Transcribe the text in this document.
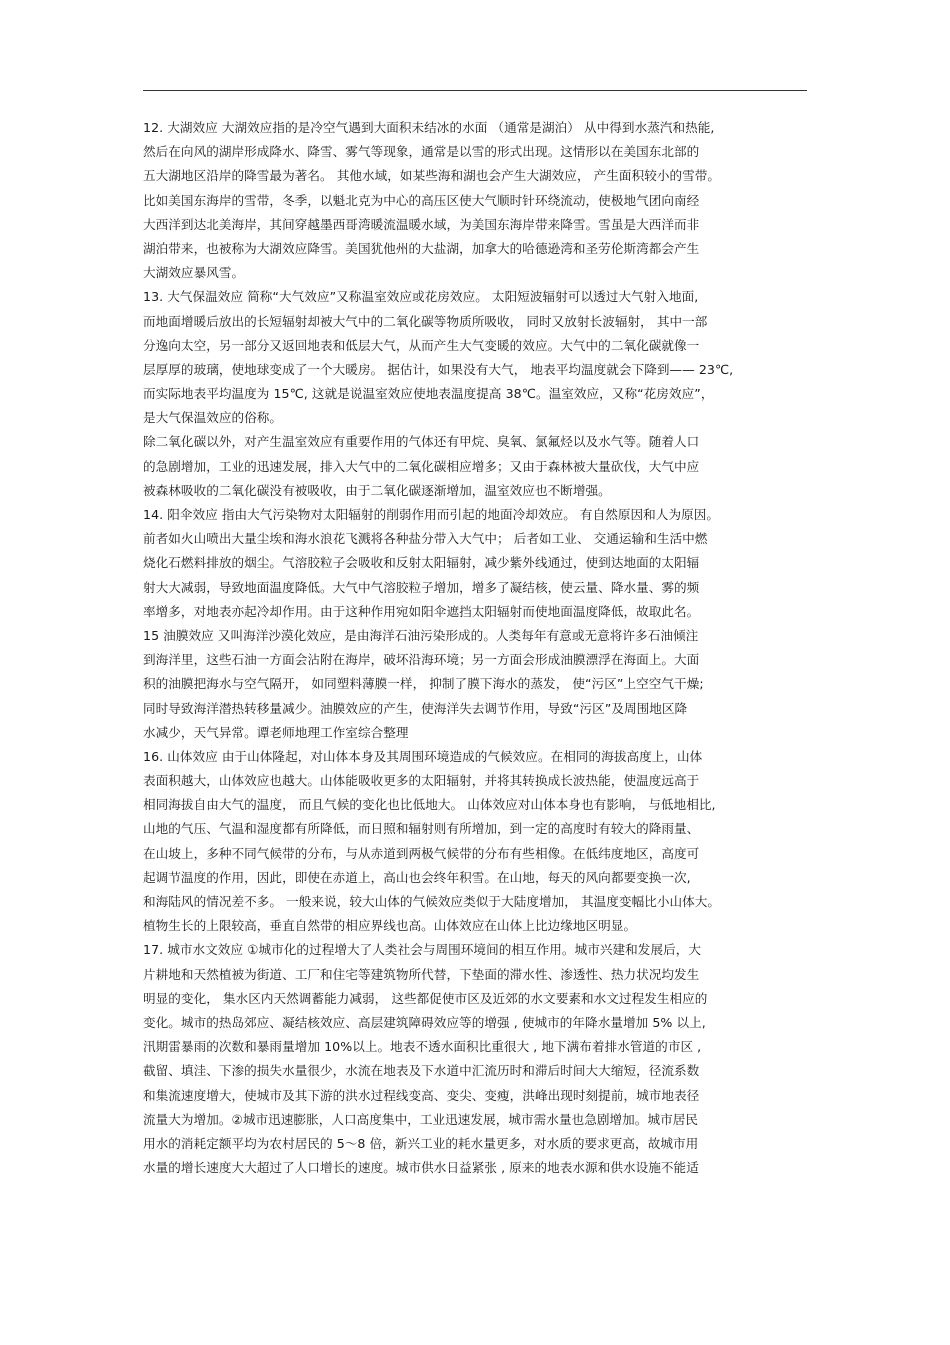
12. 大湖效应 大湖效应指的是冷空气遇到大面积未结冰的水面 （通常是湖泊） 从中得到水蒸汽和热能,
然后在向风的湖岸形成降水、降雪、雾气等现象，通常是以雪的形式出现。这情形以在美国东北部的
五大湖地区沿岸的降雪最为著名。 其他水域，如某些海和湖也会产生大湖效应， 产生面积较小的雪带。
比如美国东海岸的雪带，冬季，以魁北克为中心的高压区使大气顺时针环绕流动，使极地气团向南经
大西洋到达北美海岸，其间穿越墨西哥湾暖流温暖水域，为美国东海岸带来降雪。雪虽是大西洋而非
湖泊带来，也被称为大湖效应降雪。美国犹他州的大盐湖，加拿大的哈德逊湾和圣劳伦斯湾都会产生
大湖效应暴风雪。
13. 大气保温效应 简称“大气效应”又称温室效应或花房效应。 太阳短波辐射可以透过大气射入地面,
而地面增暖后放出的长短辐射却被大气中的二氧化碳等物质所吸收， 同时又放射长波辐射， 其中一部
分逸向太空，另一部分又返回地表和低层大气，从而产生大气变暖的效应。大气中的二氧化碳就像一
层厚厚的玻璃，使地球变成了一个大暖房。 据估计，如果没有大气， 地表平均温度就会下降到—— 23℃,
而实际地表平均温度为 15℃, 这就是说温室效应使地表温度提高 38℃。温室效应，又称“花房效应”，
是大气保温效应的俗称。
除二氧化碳以外，对产生温室效应有重要作用的气体还有甲烷、臭氧、氯氟烃以及水气等。随着人口
的急剧增加，工业的迅速发展，排入大气中的二氧化碳相应增多；又由于森林被大量砍伐，大气中应
被森林吸收的二氧化碳没有被吸收，由于二氧化碳逐渐增加，温室效应也不断增强。
14. 阳伞效应 指由大气污染物对太阳辐射的削弱作用而引起的地面冷却效应。 有自然原因和人为原因。
前者如火山喷出大量尘埃和海水浪花飞溅将各种盐分带入大气中； 后者如工业、 交通运输和生活中燃
烧化石燃料排放的烟尘。气溶胶粒子会吸收和反射太阳辐射，减少紫外线通过，使到达地面的太阳辐
射大大减弱，导致地面温度降低。大气中气溶胶粒子增加，增多了凝结核，使云量、降水量、雾的频
率增多，对地表亦起冷却作用。由于这种作用宛如阳伞遮挡太阳辐射而使地面温度降低，故取此名。
15 油膜效应 又叫海洋沙漠化效应，是由海洋石油污染形成的。人类每年有意或无意将许多石油倾注
到海洋里，这些石油一方面会沾附在海岸，破坏沿海环境；另一方面会形成油膜漂浮在海面上。大面
积的油膜把海水与空气隔开， 如同塑料薄膜一样， 抑制了膜下海水的蒸发， 使“污区”上空空气干燥;
同时导致海洋潜热转移量减少。油膜效应的产生，使海洋失去调节作用，导致“污区”及周围地区降
水减少，天气异常。谭老师地理工作室综合整理
16. 山体效应 由于山体隆起，对山体本身及其周围环境造成的气候效应。在相同的海拔高度上，山体
表面积越大，山体效应也越大。山体能吸收更多的太阳辐射，并将其转换成长波热能，使温度远高于
相同海拔自由大气的温度， 而且气候的变化也比低地大。 山体效应对山体本身也有影响， 与低地相比,
山地的气压、气温和湿度都有所降低，而日照和辐射则有所增加，到一定的高度时有较大的降雨量、
在山坡上，多种不同气候带的分布，与从赤道到两极气候带的分布有些相像。在低纬度地区，高度可
起调节温度的作用，因此，即使在赤道上，高山也会终年积雪。在山地，每天的风向都要变换一次,
和海陆风的情况差不多。 一般来说，较大山体的气候效应类似于大陆度增加， 其温度变幅比小山体大。
植物生长的上限较高，垂直自然带的相应界线也高。山体效应在山体上比边缘地区明显。
17. 城市水文效应 ①城市化的过程增大了人类社会与周围环境间的相互作用。城市兴建和发展后，大
片耕地和天然植被为街道、工厂和住宅等建筑物所代替，下垫面的滞水性、渗透性、热力状况均发生
明显的变化， 集水区内天然调蓄能力减弱， 这些都促使市区及近郊的水文要素和水文过程发生相应的
变化。城市的热岛郊应、凝结核效应、高层建筑障碍效应等的增强 , 使城市的年降水量增加 5% 以上,
汛期雷暴雨的次数和暴雨量增加 10%以上。地表不透水面积比重很大 , 地下满布着排水管道的市区 ,
截留、填洼、下渗的损失水量很少，水流在地表及下水道中汇流历时和滞后时间大大缩短，径流系数
和集流速度增大，使城市及其下游的洪水过程线变高、变尖、变瘦，洪峰出现时刻提前，城市地表径
流量大为增加。②城市迅速膨胀，人口高度集中，工业迅速发展，城市需水量也急剧增加。城市居民
用水的消耗定额平均为农村居民的 5～8 倍，新兴工业的耗水量更多，对水质的要求更高，故城市用
水量的增长速度大大超过了人口增长的速度。城市供水日益紧张 , 原来的地表水源和供水设施不能适
